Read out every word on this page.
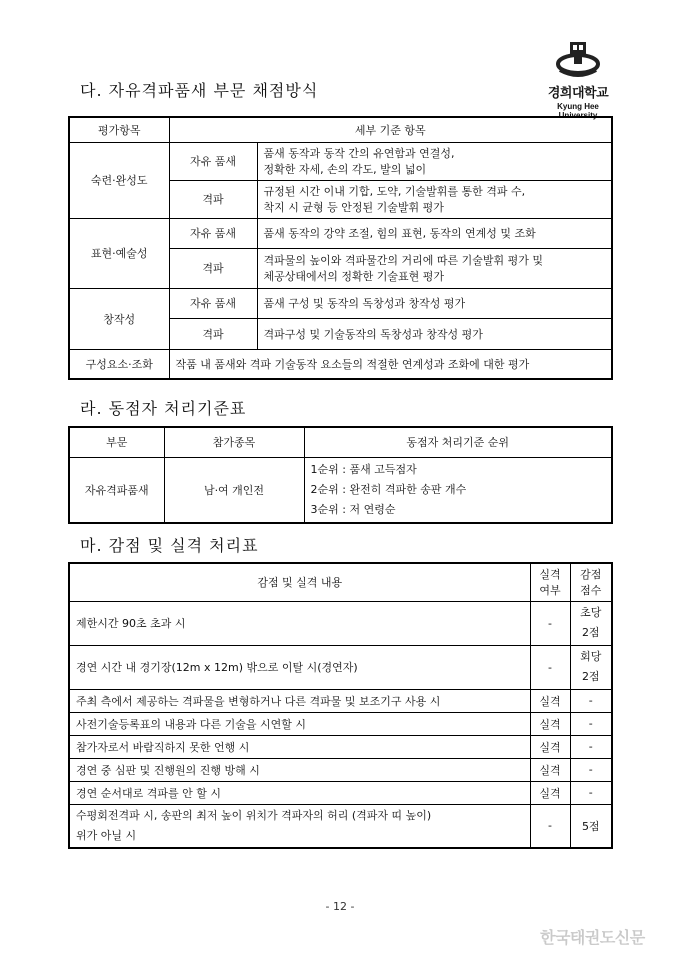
경희대학교
Kyung Hee University
다. 자유격파품새 부문 채점방식
평가항목	세부 기준 항목	
숙련·완성도	자유 품새	품새 동작과 동작 간의 유연함과 연결성,
정확한 자세, 손의 각도, 발의 넓이
	격파	규정된 시간 이내 기합, 도약, 기술발휘를 통한 격파 수,
착지 시 균형 등 안정된 기술발휘 평가
표현·예술성	자유 품새	품새 동작의 강약 조절, 힘의 표현, 동작의 연계성 및 조화
	격파	격파물의 높이와 격파물간의 거리에 따른 기술발휘 평가 및
체공상태에서의 정확한 기술표현 평가
창작성	자유 품새	품새 구성 및 동작의 독창성과 창작성 평가
	격파	격파구성 및 기술동작의 독창성과 창작성 평가
구성요소·조화	작품 내 품새와 격파 기술동작 요소들의 적절한 연계성과 조화에 대한 평가	
라. 동점자 처리기준표
부문	참가종목	동점자 처리기준 순위
자유격파품새	남·여 개인전	1순위 : 품새 고득점자
2순위 : 완전히 격파한 송판 개수
3순위 : 저 연령순
마. 감점 및 실격 처리표
감점 및 실격 내용	실격
여부	감점
점수
제한시간 90초 초과 시	-	초당
2점
경연 시간 내 경기장(12m x 12m) 밖으로 이탈 시(경연자)	-	회당
2점
주최 측에서 제공하는 격파물을 변형하거나 다른 격파물 및 보조기구 사용 시	실격	-
사전기술등록표의 내용과 다른 기술을 시연할 시	실격	-
참가자로서 바람직하지 못한 언행 시	실격	-
경연 중 심판 및 진행원의 진행 방해 시	실격	-
경연 순서대로 격파를 안 할 시	실격	-
수평회전격파 시, 송판의 최저 높이 위치가 격파자의 허리 (격파자 띠 높이)
위가 아닐 시	-	5점
- 12 -
한국태권도신문
